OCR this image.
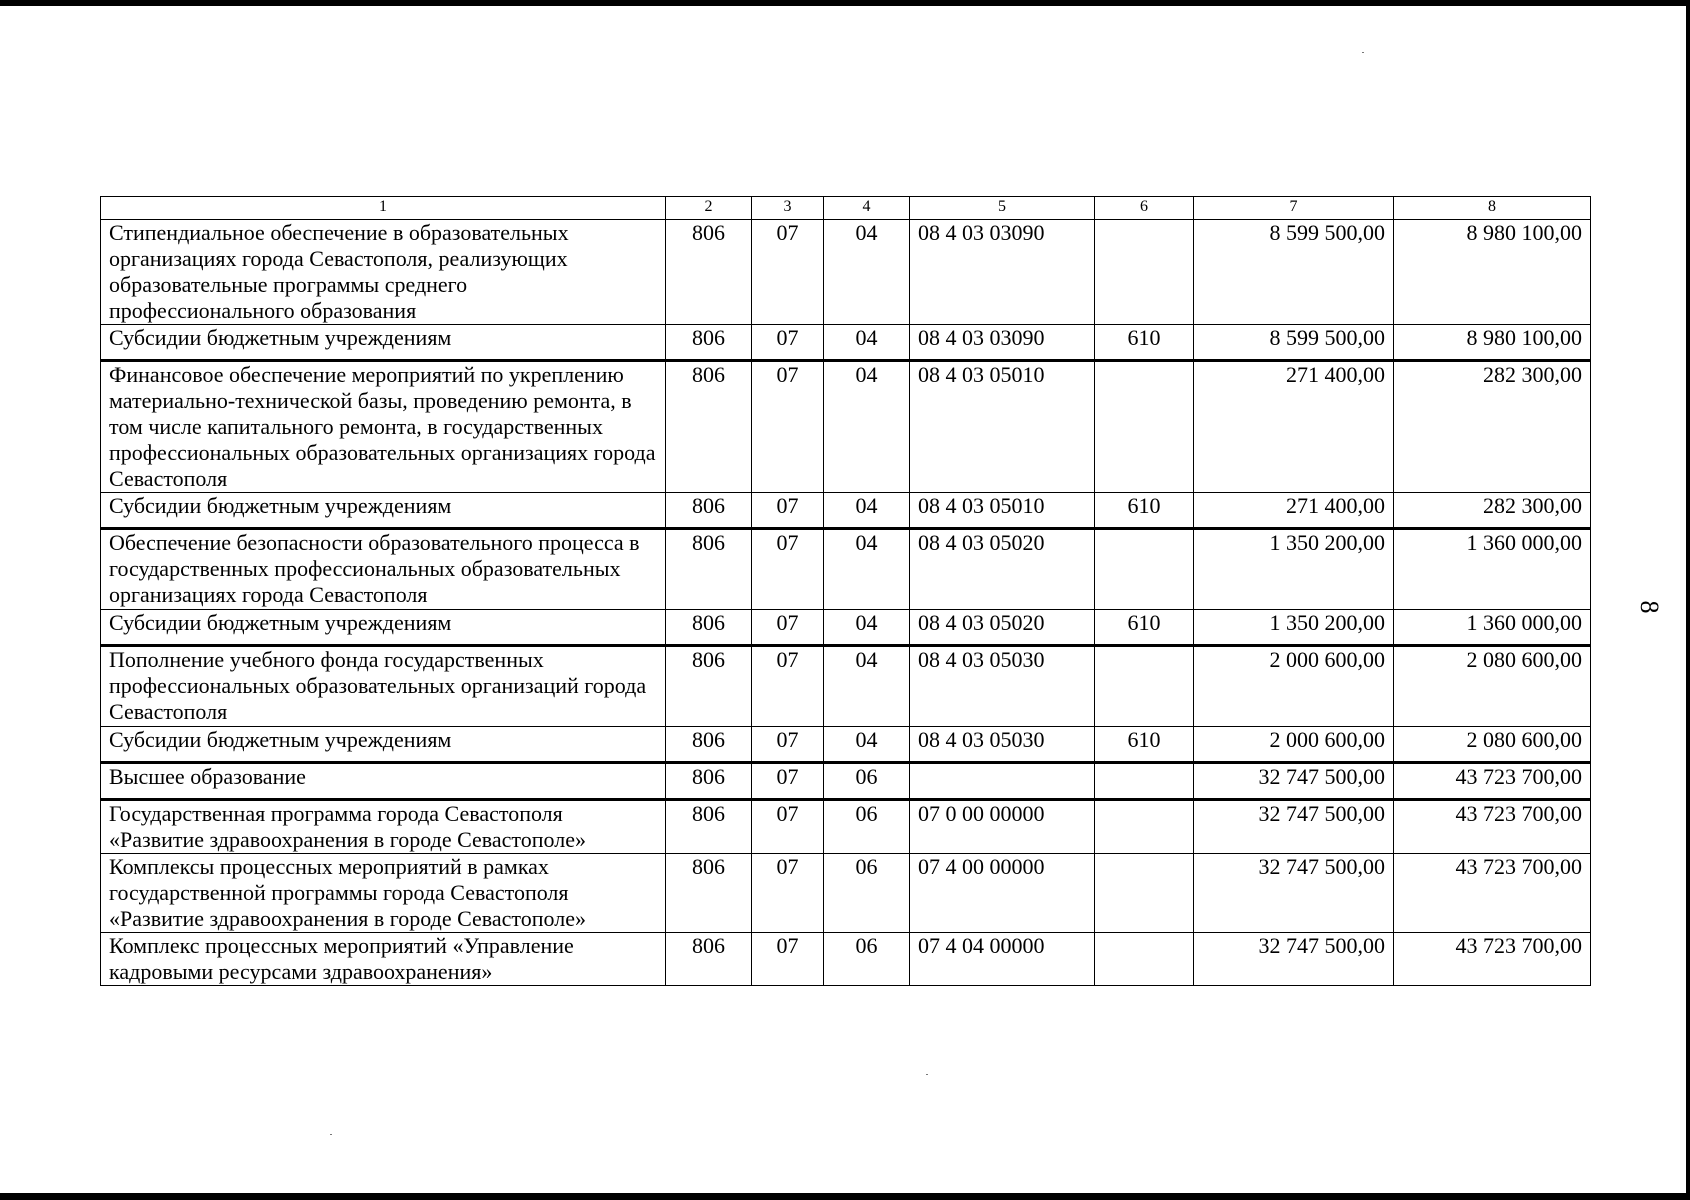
1	2	3	4	5	6	7	8
Стипендиальное обеспечение в образовательных организациях города Севастополя, реализующих образовательные программы среднего профессионального образования	806	07	04	08 4 03 03090		8 599 500,00	8 980 100,00
Субсидии бюджетным учреждениям	806	07	04	08 4 03 03090	610	8 599 500,00	8 980 100,00
Финансовое обеспечение мероприятий по укреплению материально-технической базы, проведению ремонта, в том числе капитального ремонта, в государственных профессиональных образовательных организациях города Севастополя	806	07	04	08 4 03 05010		271 400,00	282 300,00
Субсидии бюджетным учреждениям	806	07	04	08 4 03 05010	610	271 400,00	282 300,00
Обеспечение безопасности образовательного процесса в государственных профессиональных образовательных организациях города Севастополя	806	07	04	08 4 03 05020		1 350 200,00	1 360 000,00
Субсидии бюджетным учреждениям	806	07	04	08 4 03 05020	610	1 350 200,00	1 360 000,00
Пополнение учебного фонда государственных профессиональных образовательных организаций города Севастополя	806	07	04	08 4 03 05030		2 000 600,00	2 080 600,00
Субсидии бюджетным учреждениям	806	07	04	08 4 03 05030	610	2 000 600,00	2 080 600,00
Высшее образование	806	07	06			32 747 500,00	43 723 700,00
Государственная программа города Севастополя «Развитие здравоохранения в городе Севастополе»	806	07	06	07 0 00 00000		32 747 500,00	43 723 700,00
Комплексы процессных мероприятий в рамках государственной программы города Севастополя «Развитие здравоохранения в городе Севастополе»	806	07	06	07 4 00 00000		32 747 500,00	43 723 700,00
Комплекс процессных мероприятий «Управление кадровыми ресурсами здравоохранения»	806	07	06	07 4 04 00000		32 747 500,00	43 723 700,00
8
